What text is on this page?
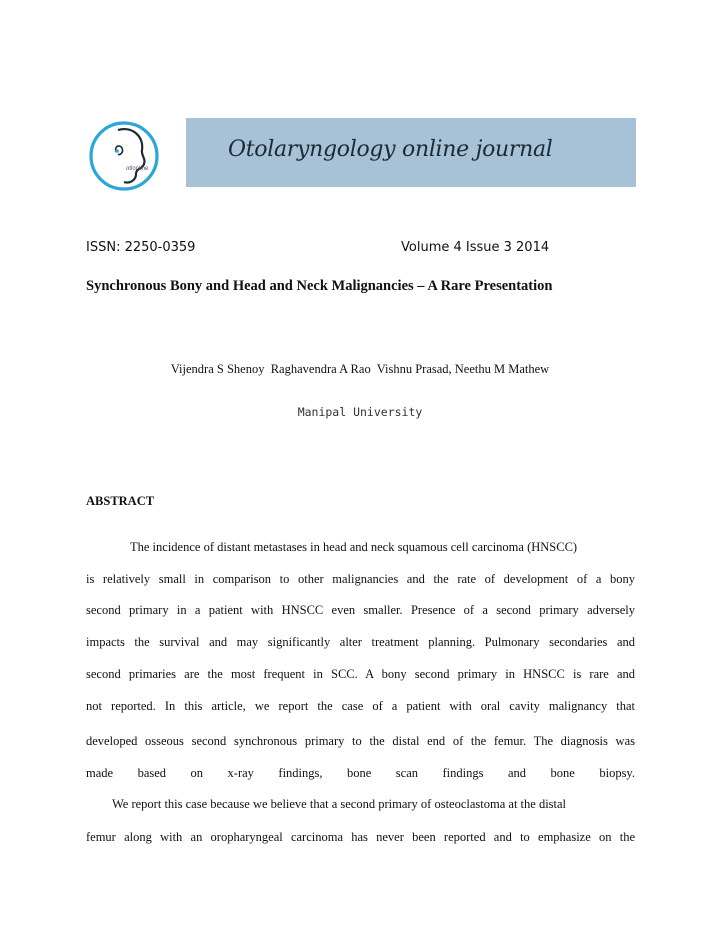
otlonline
Otolaryngology online journal
ISSN: 2250-0359	Volume 4 Issue 3 2014
Synchronous Bony and Head and Neck Malignancies – A Rare Presentation
Vijendra S Shenoy  Raghavendra A Rao  Vishnu Prasad, Neethu M Mathew
Manipal University
ABSTRACT
The incidence of distant metastases in head and neck squamous cell carcinoma (HNSCC)
is relatively small in comparison to other malignancies and the rate of development of a bony
second primary in a patient with HNSCC even smaller. Presence of a second primary adversely
impacts the survival and may significantly alter treatment planning. Pulmonary secondaries and
second primaries are the most frequent in SCC. A bony second primary in HNSCC is rare and
not reported. In this article, we report the case of a patient with oral cavity malignancy that
developed osseous second synchronous primary to the distal end of the femur. The diagnosis was
made based on x-ray findings, bone scan findings and bone biopsy.
We report this case because we believe that a second primary of osteoclastoma at the distal
femur along with an oropharyngeal carcinoma has never been reported and to emphasize on the
